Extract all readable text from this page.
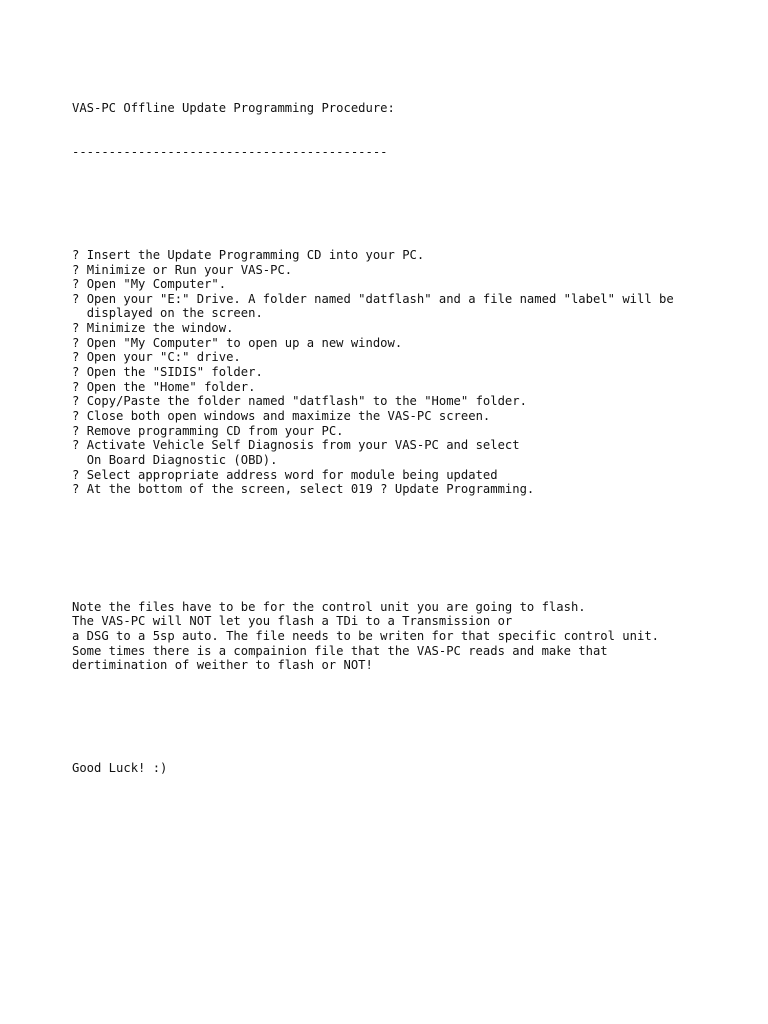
VAS-PC Offline Update Programming Procedure:

-------------------------------------------

? Insert the Update Programming CD into your PC.
? Minimize or Run your VAS-PC.
? Open "My Computer".
? Open your "E:" Drive. A folder named "datflash" and a file named "label" will be
displayed on the screen.
? Minimize the window.
? Open "My Computer" to open up a new window.
? Open your "C:" drive.
? Open the "SIDIS" folder.
? Open the "Home" folder.
? Copy/Paste the folder named "datflash" to the "Home" folder.
? Close both open windows and maximize the VAS-PC screen.
? Remove programming CD from your PC.
? Activate Vehicle Self Diagnosis from your VAS-PC and select
On Board Diagnostic (OBD).
? Select appropriate address word for module being updated
? At the bottom of the screen, select 019 ? Update Programming.

Note the files have to be for the control unit you are going to flash.
The VAS-PC will NOT let you flash a TDi to a Transmission or
a DSG to a 5sp auto. The file needs to be writen for that specific control unit.
Some times there is a compainion file that the VAS-PC reads and make that
dertimination of weither to flash or NOT!

Good Luck! :)
